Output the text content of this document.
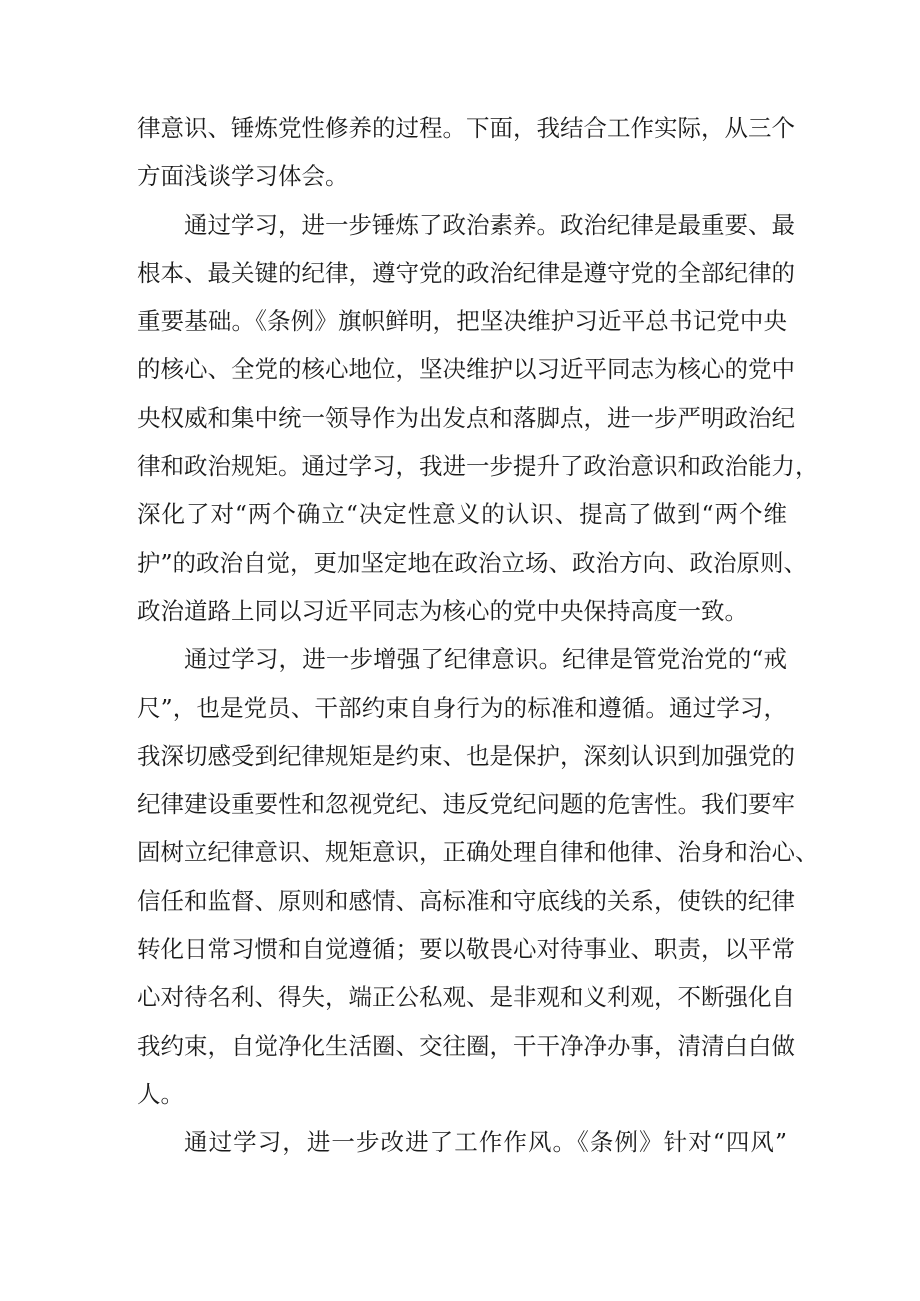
律意识、锤炼党性修养的过程。下面，我结合工作实际，从三个
方面浅谈学习体会。
通过学习，进一步锤炼了政治素养。政治纪律是最重要、最
根本、最关键的纪律，遵守党的政治纪律是遵守党的全部纪律的
重要基础。《条例》旗帜鲜明，把坚决维护习近平总书记党中央
的核心、全党的核心地位，坚决维护以习近平同志为核心的党中
央权威和集中统一领导作为出发点和落脚点，进一步严明政治纪
律和政治规矩。通过学习，我进一步提升了政治意识和政治能力，
深化了对“两个确立“决定性意义的认识、提高了做到“两个维
护”的政治自觉，更加坚定地在政治立场、政治方向、政治原则、
政治道路上同以习近平同志为核心的党中央保持高度一致。
通过学习，进一步增强了纪律意识。纪律是管党治党的“戒
尺”，也是党员、干部约束自身行为的标准和遵循。通过学习，
我深切感受到纪律规矩是约束、也是保护，深刻认识到加强党的
纪律建设重要性和忽视党纪、违反党纪问题的危害性。我们要牢
固树立纪律意识、规矩意识，正确处理自律和他律、治身和治心、
信任和监督、原则和感情、高标准和守底线的关系，使铁的纪律
转化日常习惯和自觉遵循；要以敬畏心对待事业、职责，以平常
心对待名利、得失，端正公私观、是非观和义利观，不断强化自
我约束，自觉净化生活圈、交往圈，干干净净办事，清清白白做
人。
通过学习，进一步改进了工作作风。《条例》针对“四风”
